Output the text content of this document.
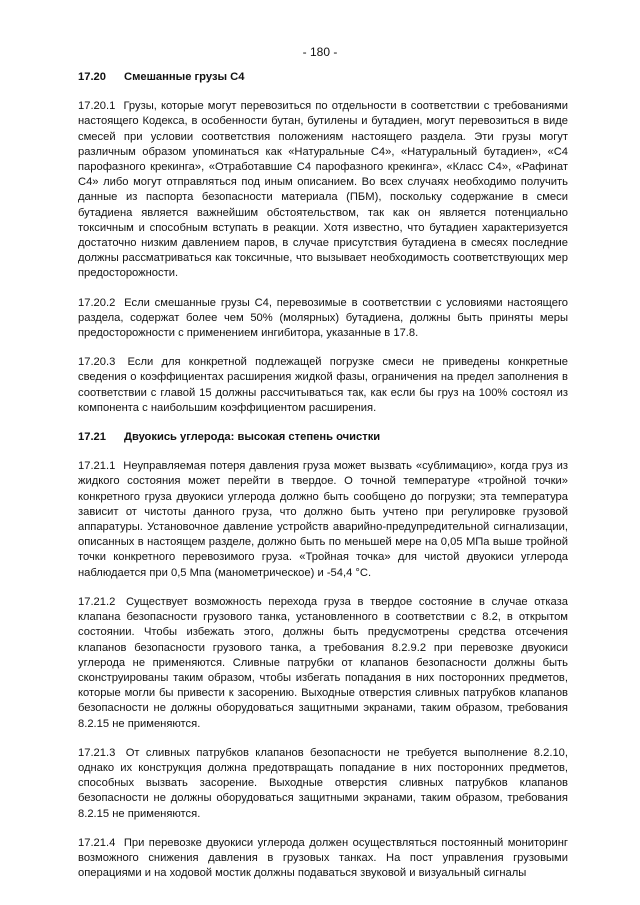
- 180 -
17.20	Смешанные грузы С4

17.20.1 Грузы, которые могут перевозиться по отдельности в соответствии с требованиями настоящего Кодекса, в особенности бутан, бутилены и бутадиен, могут перевозиться в виде смесей при условии соответствия положениям настоящего раздела. Эти грузы могут различным образом упоминаться как «Натуральные С4», «Натуральный бутадиен», «С4 парофазного крекинга», «Отработавшие С4 парофазного крекинга», «Класс С4», «Рафинат С4» либо могут отправляться под иным описанием. Во всех случаях необходимо получить данные из паспорта безопасности материала (ПБМ), поскольку содержание в смеси бутадиена является важнейшим обстоятельством, так как он является потенциально токсичным и способным вступать в реакции. Хотя известно, что бутадиен характеризуется достаточно низким давлением паров, в случае присутствия бутадиена в смесях последние должны рассматриваться как токсичные, что вызывает необходимость соответствующих мер предосторожности.

17.20.2 Если смешанные грузы С4, перевозимые в соответствии с условиями настоящего раздела, содержат более чем 50% (молярных) бутадиена, должны быть приняты меры предосторожности с применением ингибитора, указанные в 17.8.

17.20.3 Если для конкретной подлежащей погрузке смеси не приведены конкретные сведения о коэффициентах расширения жидкой фазы, ограничения на предел заполнения в соответствии с главой 15 должны рассчитываться так, как если бы груз на 100% состоял из компонента с наибольшим коэффициентом расширения.

17.21	Двуокись углерода: высокая степень очистки

17.21.1 Неуправляемая потеря давления груза может вызвать «сублимацию», когда груз из жидкого состояния может перейти в твердое. О точной температуре «тройной точки» конкретного груза двуокиси углерода должно быть сообщено до погрузки; эта температура зависит от чистоты данного груза, что должно быть учтено при регулировке грузовой аппаратуры. Установочное давление устройств аварийно-предупредительной сигнализации, описанных в настоящем разделе, должно быть по меньшей мере на 0,05 МПа выше тройной точки конкретного перевозимого груза. «Тройная точка» для чистой двуокиси углерода наблюдается при 0,5 Мпа (манометрическое) и -54,4 °С.

17.21.2 Существует возможность перехода груза в твердое состояние в случае отказа клапана безопасности грузового танка, установленного в соответствии с 8.2, в открытом состоянии. Чтобы избежать этого, должны быть предусмотрены средства отсечения клапанов безопасности грузового танка, а требования 8.2.9.2 при перевозке двуокиси углерода не применяются. Сливные патрубки от клапанов безопасности должны быть сконструированы таким образом, чтобы избегать попадания в них посторонних предметов, которые могли бы привести к засорению. Выходные отверстия сливных патрубков клапанов безопасности не должны оборудоваться защитными экранами, таким образом, требования 8.2.15 не применяются.

17.21.3 От сливных патрубков клапанов безопасности не требуется выполнение 8.2.10, однако их конструкция должна предотвращать попадание в них посторонних предметов, способных вызвать засорение. Выходные отверстия сливных патрубков клапанов безопасности не должны оборудоваться защитными экранами, таким образом, требования 8.2.15 не применяются.

17.21.4 При перевозке двуокиси углерода должен осуществляться постоянный мониторинг возможного снижения давления в грузовых танках. На пост управления грузовыми операциями и на ходовой мостик должны подаваться звуковой и визуальный сигналы
